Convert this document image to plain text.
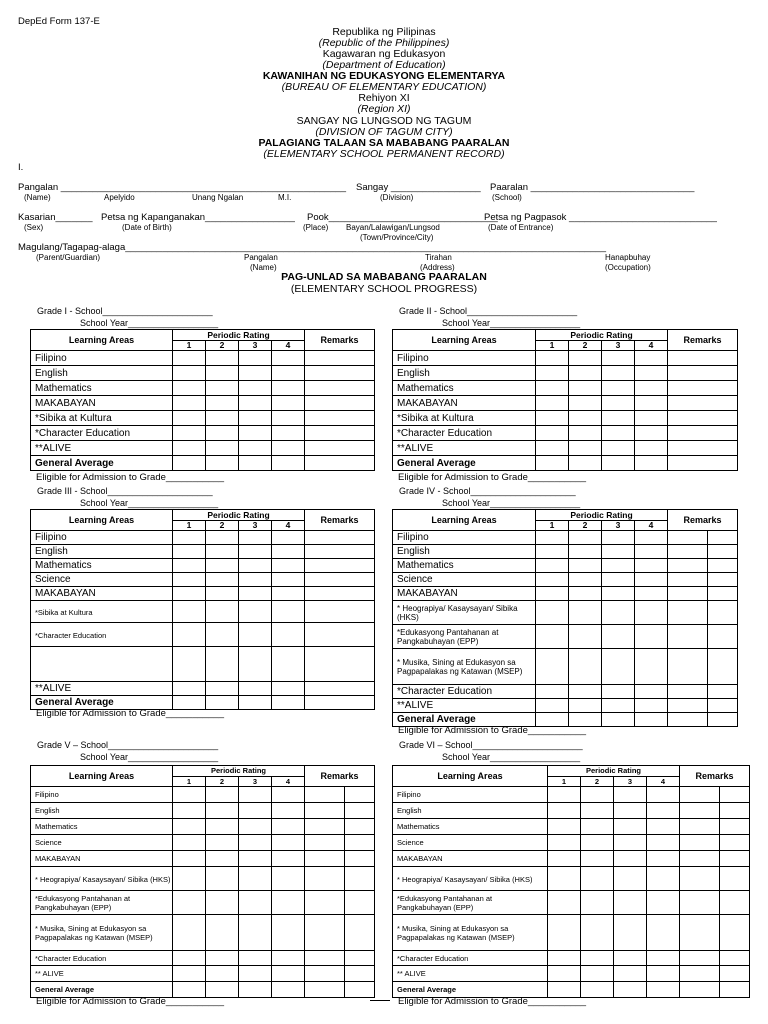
DepEd Form 137-E
Republika ng Pilipinas
(Republic of the Philippines)
Kagawaran ng Edukasyon
(Department of Education)
KAWANIHAN NG EDUKASYONG ELEMENTARYA
(BUREAU OF ELEMENTARY EDUCATION)
Rehiyon XI
(Region XI)
SANGAY NG LUNGSOD NG TAGUM
(DIVISION OF TAGUM CITY)
PALAGIANG TALAAN SA MABABANG PAARALAN
(ELEMENTARY SCHOOL PERMANENT RECORD)
I.
Pangalan ______________________________________________________
(Name)	Apelyido	Unang Ngalan	M.I.
Sangay _________________
(Division)
Paaralan _______________________________
(School)
Kasarian_______
(Sex)
Petsa ng Kapanganakan_________________
(Date of Birth)
Pook________________________________
(Place) Bayan/Lalawigan/Lungsod
(Town/Province/City)
Petsa ng Pagpasok ____________________________
(Date of Entrance)
Magulang/Tagapag-alaga___________________________________________________________________________________________
(Parent/Guardian)	Pangalan
(Name)
Tirahan
(Address)
Hanapbuhay
(Occupation)
PAG-UNLAD SA MABABANG PAARALAN
(ELEMENTARY SCHOOL PROGRESS)
Grade I - School______________________
School Year__________________
Learning Areas	Periodic Rating				Remarks
	1	2	3	4	
Filipino					
English					
Mathematics					
MAKABAYAN					
*Sibika at Kultura					
*Character Education					
**ALIVE					
General Average					
Eligible for Admission to Grade___________
Grade II - School______________________
School Year__________________
Learning Areas	Periodic Rating				Remarks
	1	2	3	4	
Filipino					
English					
Mathematics					
MAKABAYAN					
*Sibika at Kultura					
*Character Education					
**ALIVE					
General Average					
Eligible for Admission to Grade___________
Grade III - School_____________________
School Year__________________
Learning Areas	Periodic Rating				Remarks
	1	2	3	4	
Filipino					
English					
Mathematics					
Science					
MAKABAYAN					
*Sibika at Kultura					
*Character Education					

**ALIVE					
General Average					
Eligible for Admission to Grade___________
Grade IV - School_____________________
School Year__________________
Learning Areas	Periodic Rating				Remarks	
	1	2	3	4		
Filipino						
English						
Mathematics						
Science						
MAKABAYAN						
* Heograpiya/ Kasaysayan/ Sibika (HKS)						
*Edukasyong Pantahanan at Pangkabuhayan (EPP)						
* Musika, Sining at Edukasyon sa Pagpapalakas ng Katawan (MSEP)						
*Character Education						
**ALIVE						
General Average						
Eligible for Admission to Grade___________
Grade V – School______________________
School Year__________________
Learning Areas	Periodic Rating				Remarks	
	1	2	3	4		
Filipino						
English						
Mathematics						
Science						
MAKABAYAN						
* Heograpiya/ Kasaysayan/ Sibika (HKS)						
*Edukasyong Pantahanan at Pangkabuhayan (EPP)						
* Musika, Sining at Edukasyon sa Pagpapalakas ng Katawan (MSEP)						
*Character Education						
** ALIVE						
General Average						
Eligible for Admission to Grade___________
Grade VI – School______________________
School Year__________________
Learning Areas	Periodic Rating				Remarks	
	1	2	3	4		
Filipino						
English						
Mathematics						
Science						
MAKABAYAN						
* Heograpiya/ Kasaysayan/ Sibika (HKS)						
*Edukasyong Pantahanan at Pangkabuhayan (EPP)						
* Musika, Sining at Edukasyon sa Pagpapalakas ng Katawan (MSEP)						
*Character Education						
** ALIVE						
General Average						
Eligible for Admission to Grade___________
